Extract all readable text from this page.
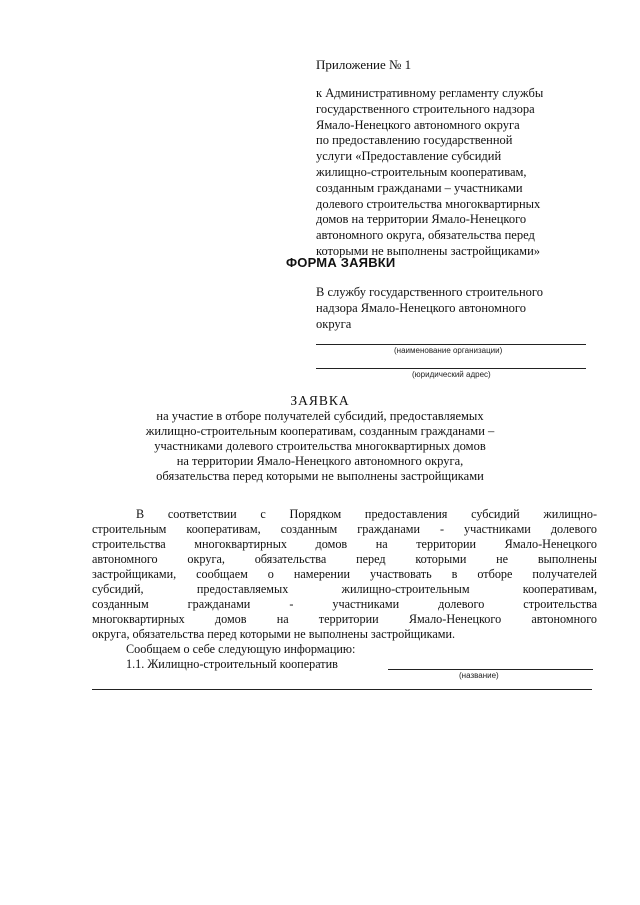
Приложение № 1
к Административному регламенту службы
государственного строительного надзора
Ямало-Ненецкого автономного округа
по предоставлению государственной
услуги «Предоставление субсидий
жилищно-строительным кооперативам,
созданным гражданами – участниками
долевого строительства многоквартирных
домов на территории Ямало-Ненецкого
автономного округа, обязательства перед
которыми не выполнены застройщиками»
ФОРМА ЗАЯВКИ
В службу государственного строительного
надзора Ямало-Ненецкого автономного
округа
(наименование организации)
(юридический адрес)
ЗАЯВКА
на участие в отборе получателей субсидий, предоставляемых
жилищно-строительным кооперативам, созданным гражданами –
участниками долевого строительства многоквартирных домов
на территории Ямало-Ненецкого автономного округа,
обязательства перед которыми не выполнены застройщиками
В соответствии с Порядком предоставления субсидий жилищно-
строительным кооперативам, созданным гражданами - участниками долевого
строительства многоквартирных домов на территории Ямало-Ненецкого
автономного округа, обязательства перед которыми не выполнены
застройщиками, сообщаем о намерении участвовать в отборе получателей
субсидий, предоставляемых жилищно-строительным кооперативам,
созданным гражданами - участниками долевого строительства
многоквартирных домов на территории Ямало-Ненецкого автономного
округа, обязательства перед которыми не выполнены застройщиками.
Сообщаем о себе следующую информацию:
1.1. Жилищно-строительный кооператив
(название)
